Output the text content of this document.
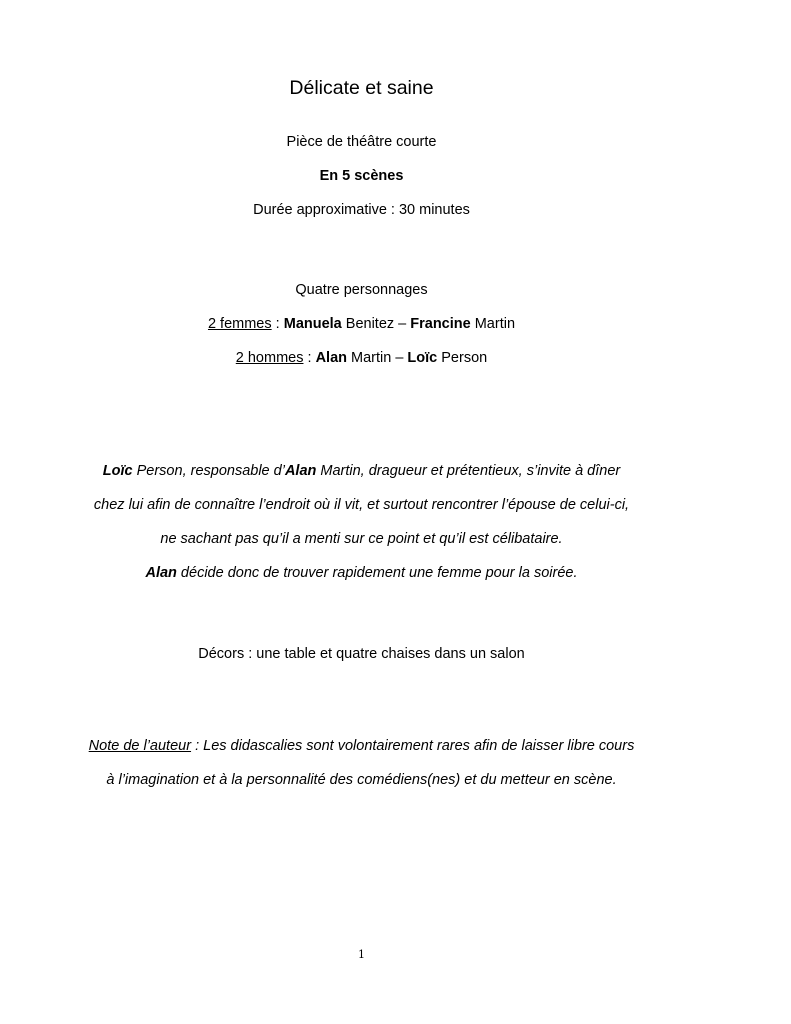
Délicate et saine
Pièce de théâtre courte
En 5 scènes
Durée approximative : 30 minutes
Quatre personnages
2 femmes : Manuela Benitez – Francine Martin
2 hommes : Alan Martin – Loïc Person
Loïc Person, responsable d’Alan Martin, dragueur et prétentieux, s’invite à dîner
chez lui afin de connaître l’endroit où il vit, et surtout rencontrer l’épouse de celui-ci,
ne sachant pas qu’il a menti sur ce point et qu’il est célibataire.
Alan décide donc de trouver rapidement une femme pour la soirée.
Décors : une table et quatre chaises dans un salon
Note de l’auteur : Les didascalies sont volontairement rares afin de laisser libre cours
à l’imagination et à la personnalité des comédiens(nes) et du metteur en scène.
1
